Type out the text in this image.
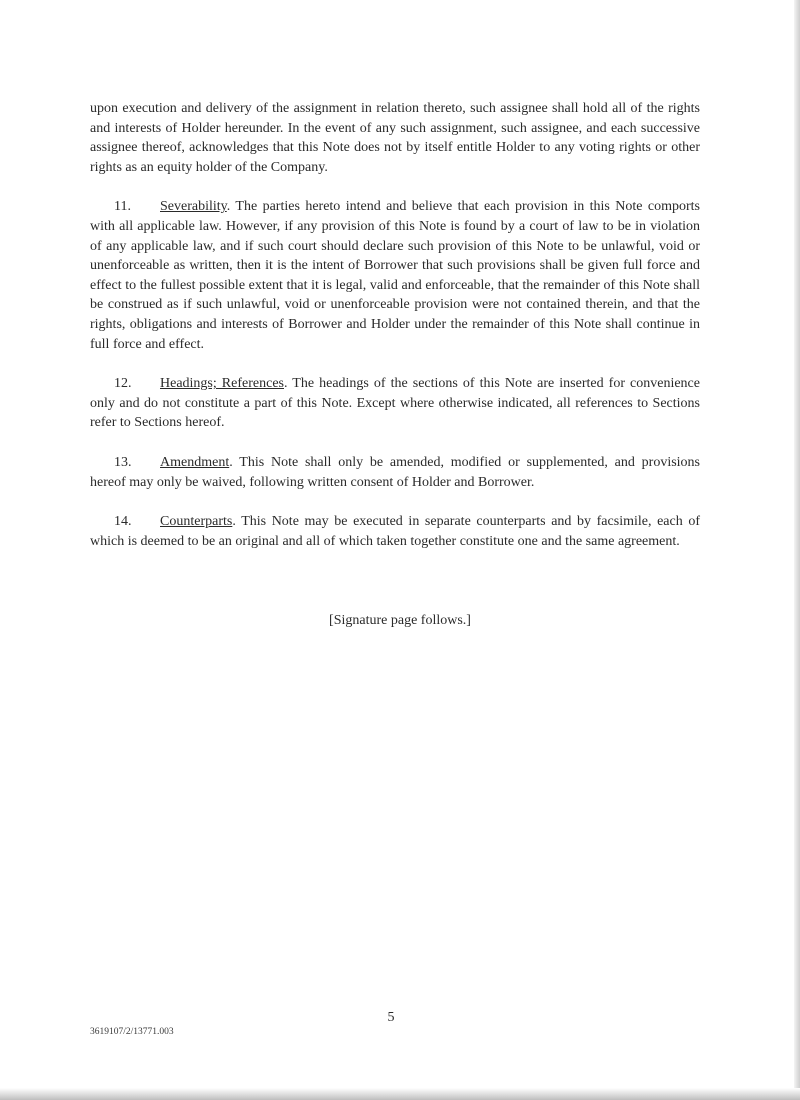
upon execution and delivery of the assignment in relation thereto, such assignee shall hold all of the rights and interests of Holder hereunder. In the event of any such assignment, such assignee, and each successive assignee thereof, acknowledges that this Note does not by itself entitle Holder to any voting rights or other rights as an equity holder of the Company.

11. Severability. The parties hereto intend and believe that each provision in this Note comports with all applicable law. However, if any provision of this Note is found by a court of law to be in violation of any applicable law, and if such court should declare such provision of this Note to be unlawful, void or unenforceable as written, then it is the intent of Borrower that such provisions shall be given full force and effect to the fullest possible extent that it is legal, valid and enforceable, that the remainder of this Note shall be construed as if such unlawful, void or unenforceable provision were not contained therein, and that the rights, obligations and interests of Borrower and Holder under the remainder of this Note shall continue in full force and effect.

12. Headings; References. The headings of the sections of this Note are inserted for convenience only and do not constitute a part of this Note. Except where otherwise indicated, all references to Sections refer to Sections hereof.

13. Amendment. This Note shall only be amended, modified or supplemented, and provisions hereof may only be waived, following written consent of Holder and Borrower.

14. Counterparts. This Note may be executed in separate counterparts and by facsimile, each of which is deemed to be an original and all of which taken together constitute one and the same agreement.

[Signature page follows.]
5
3619107/2/13771.003
